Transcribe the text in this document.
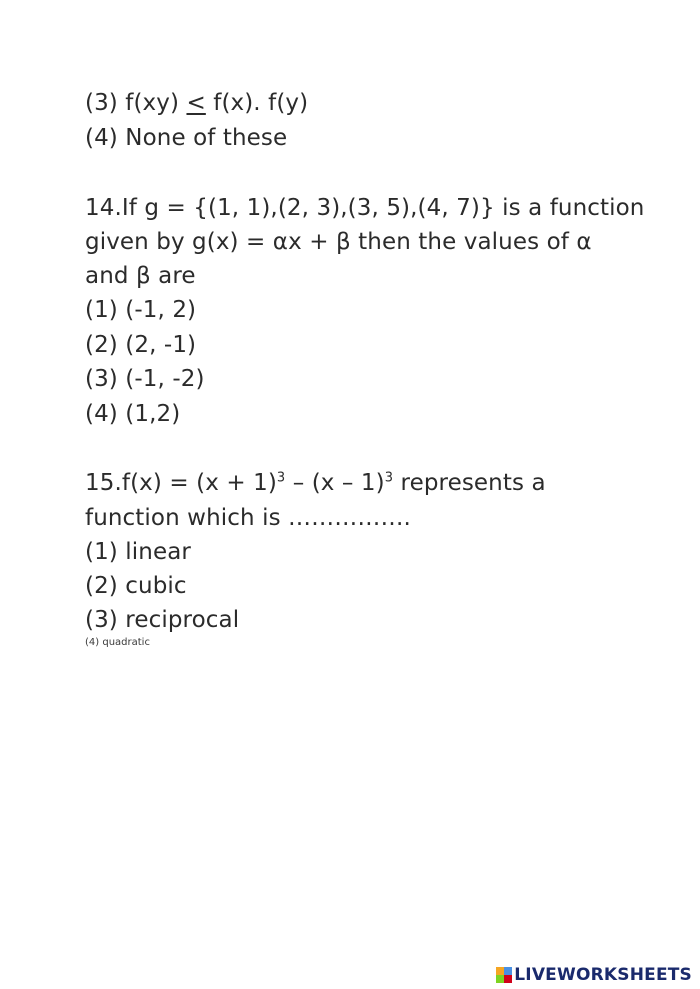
(3) f(xy) ≤ f(x). f(y)
(4) None of these
14.If g = {(1, 1),(2, 3),(3, 5),(4, 7)} is a function
given by g(x) = αx + β then the values of α
and β are
(1) (-1, 2)
(2) (2, -1)
(3) (-1, -2)
(4) (1,2)
$15.f(x) = (x + 1)^3 - (x - 1)^3$ represents a
function which is …………….
(1) linear
(2) cubic
(3) reciprocal
(4) quadratic
LIVEWORKSHEETS
